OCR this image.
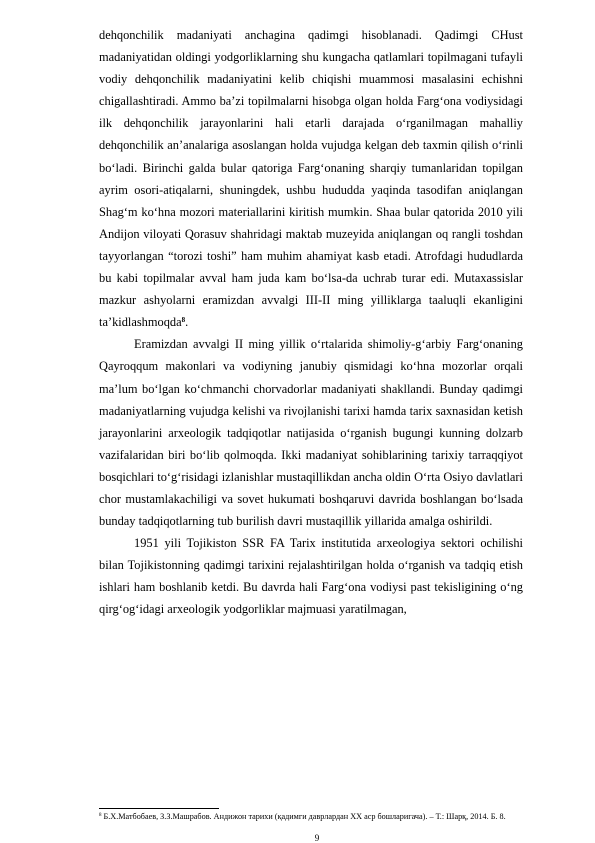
dehqonchilik madaniyati anchagina qadimgi hisoblanadi. Qadimgi CHust madaniyatidan oldingi yodgorliklarning shu kungacha qatlamlari topilmagani tufayli vodiy dehqonchilik madaniyatini kelib chiqishi muammosi masalasini echishni chigallashtiradi. Ammo ba’zi topilmalarni hisobga olgan holda Farg‘ona vodiysidagi ilk dehqonchilik jarayonlarini hali etarli darajada o‘rganilmagan mahalliy dehqonchilik an’analariga asoslangan holda vujudga kelgan deb taxmin qilish o‘rinli bo‘ladi. Birinchi galda bular qatoriga Farg‘onaning sharqiy tumanlaridan topilgan ayrim osori-atiqalarni, shuningdek, ushbu hududda yaqinda tasodifan aniqlangan Shag‘m ko‘hna mozori materiallarini kiritish mumkin. Shaa bular qatorida 2010 yili Andijon viloyati Qorasuv shahridagi maktab muzeyida aniqlangan oq rangli toshdan tayyorlangan “torozi toshi” ham muhim ahamiyat kasb etadi. Atrofdagi hududlarda bu kabi topilmalar avval ham juda kam bo‘lsa-da uchrab turar edi. Mutaxassislar mazkur ashyolarni eramizdan avvalgi III-II ming yilliklarga taaluqli ekanligini ta’kidlashmoqda$^8$.

Eramizdan avvalgi II ming yillik o‘rtalarida shimoliy-g‘arbiy Farg‘onaning Qayroqqum makonlari va vodiyning janubiy qismidagi ko‘hna mozorlar orqali ma’lum bo‘lgan ko‘chmanchi chorvadorlar madaniyati shakllandi. Bunday qadimgi madaniyatlarning vujudga kelishi va rivojlanishi tarixi hamda tarix saxnasidan ketish jarayonlarini arxeologik tadqiqotlar natijasida o‘rganish bugungi kunning dolzarb vazifalaridan biri bo‘lib qolmoqda. Ikki madaniyat sohiblarining tarixiy tarraqqiyot bosqichlari to‘g‘risidagi izlanishlar mustaqillikdan ancha oldin O‘rta Osiyo davlatlari chor mustamlakachiligi va sovet hukumati boshqaruvi davrida boshlangan bo‘lsada bunday tadqiqotlarning tub burilish davri mustaqillik yillarida amalga oshirildi.

1951 yili Tojikiston SSR FA Tarix institutida arxeologiya sektori ochilishi bilan Tojikistonning qadimgi tarixini rejalashtirilgan holda o‘rganish va tadqiq etish ishlari ham boshlanib ketdi. Bu davrda hali Farg‘ona vodiysi past tekisligining o‘ng qirg‘og‘idagi arxeologik yodgorliklar majmuasi yaratilmagan,

$^8$ Б.Х.Матбобаев, З.З.Машрабов. Андижон тарихи (қадимги даврлардан XX аср бошларигача). – Т.: Шарқ, 2014. Б. 8.

9
